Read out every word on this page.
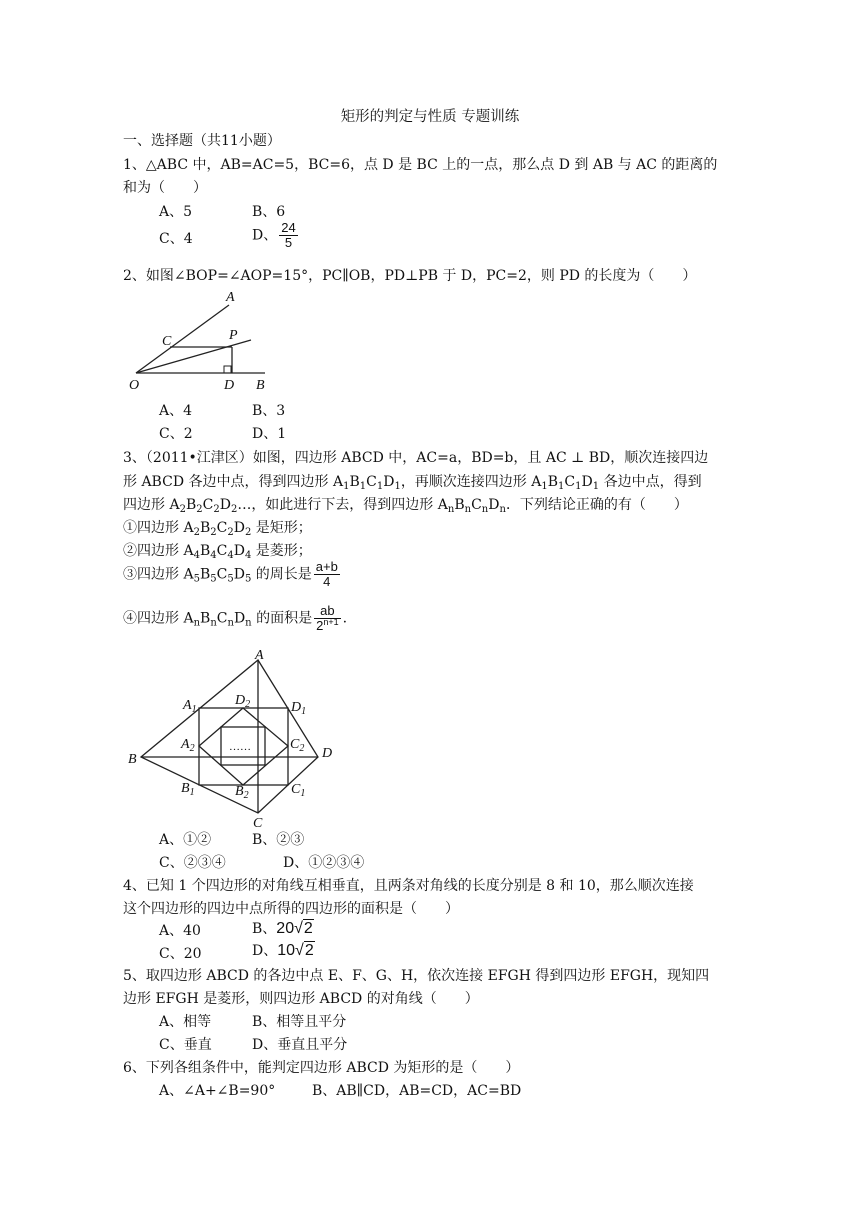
矩形的判定与性质 专题训练
一、选择题（共11小题）
1、△ABC 中，AB=AC=5，BC=6，点 D 是 BC 上的一点，那么点 D 到 AB 与 AC 的距离的
和为（　　）
A、5	B、6
C、4	D、 $\frac{24}{5}$
2、如图∠BOP=∠AOP=15°，PC∥OB，PD⊥PB 于 D，PC=2，则 PD 的长度为（　　）
A
C	P
O	D B
A、4	B、3
C、2	D、1
3、（2011•江津区）如图，四边形 ABCD 中，AC=a，BD=b，且 AC ⊥ BD，顺次连接四边
形 ABCD 各边中点，得到四边形 $A_1B_1C_1D_1$，再顺次连接四边形 $A_1B_1C_1D_1$ 各边中点，得到
四边形 $A_2B_2C_2D_2\dots$，如此进行下去，得到四边形 $A_nB_nC_nD_n$．下列结论正确的有（　　）
①四边形 $A_2B_2C_2D_2$ 是矩形；
②四边形 $A_4B_4C_4D_4$ 是菱形；
③四边形 $A_5B_5C_5D_5$ 的周长是 $\frac{a+b}{4}$
④四边形 $A_nB_nC_nD_n$ 的面积是 $\frac{ab}{2^{n+1}}$ .
A
B
C
D
$A_1$
$D_2$	$D_1$
$A_2$	$C_2$
$B_1$	$B_2$	$C_1$
……
A、①②	B、②③
C、②③④	D、①②③④
4、已知 1 个四边形的对角线互相垂直，且两条对角线的长度分别是 8 和 10，那么顺次连接
这个四边形的四边中点所得的四边形的面积是（　　）
A、40	B、20√2
C、20	D、10√2
5、取四边形 ABCD 的各边中点 E、F、G、H，依次连接 EFGH 得到四边形 EFGH，现知四
边形 EFGH 是菱形，则四边形 ABCD 的对角线（　　）
A、相等	B、相等且平分
C、垂直	D、垂直且平分
6、下列各组条件中，能判定四边形 ABCD 为矩形的是（　　）
A、∠A+∠B=90°	B、AB∥CD，AB=CD，AC=BD
